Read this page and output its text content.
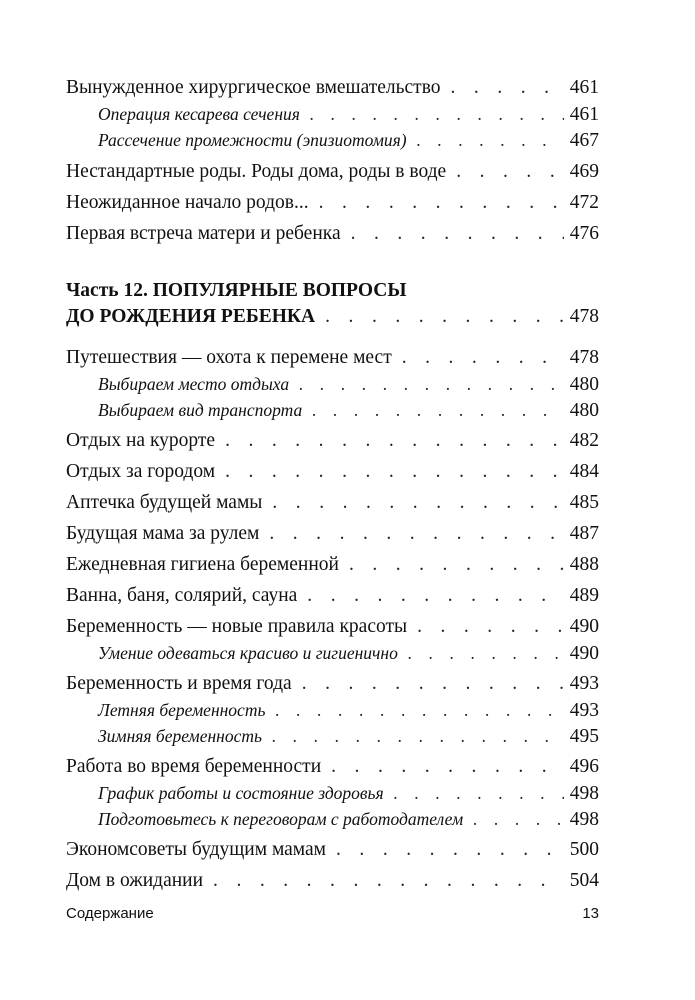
Вынужденное хирургическое вмешательство . . .	461
Операция кесарева сечения . . .	461
Рассечение промежности (эпизиотомия) . . .	467
Нестандартные роды. Роды дома, роды в воде . . .	469
Неожиданное начало родов... . . .	472
Первая встреча матери и ребенка . . .	476
Часть 12. ПОПУЛЯРНЫЕ ВОПРОСЫ
ДО РОЖДЕНИЯ РЕБЕНКА . . .	478
Путешествия — охота к перемене мест . . .	478
Выбираем место отдыха . . .	480
Выбираем вид транспорта . . .	480
Отдых на курорте . . .	482
Отдых за городом . . .	484
Аптечка будущей мамы . . .	485
Будущая мама за рулем . . .	487
Ежедневная гигиена беременной . . .	488
Ванна, баня, солярий, сауна . . .	489
Беременность — новые правила красоты . . .	490
Умение одеваться красиво и гигиенично . . .	490
Беременность и время года . . .	493
Летняя беременность . . .	493
Зимняя беременность . . .	495
Работа во время беременности . . .	496
График работы и состояние здоровья . . .	498
Подготовьтесь к переговорам с работодателем . . .	498
Экономсоветы будущим мамам . . .	500
Дом в ожидании . . .	504
Содержание	13
